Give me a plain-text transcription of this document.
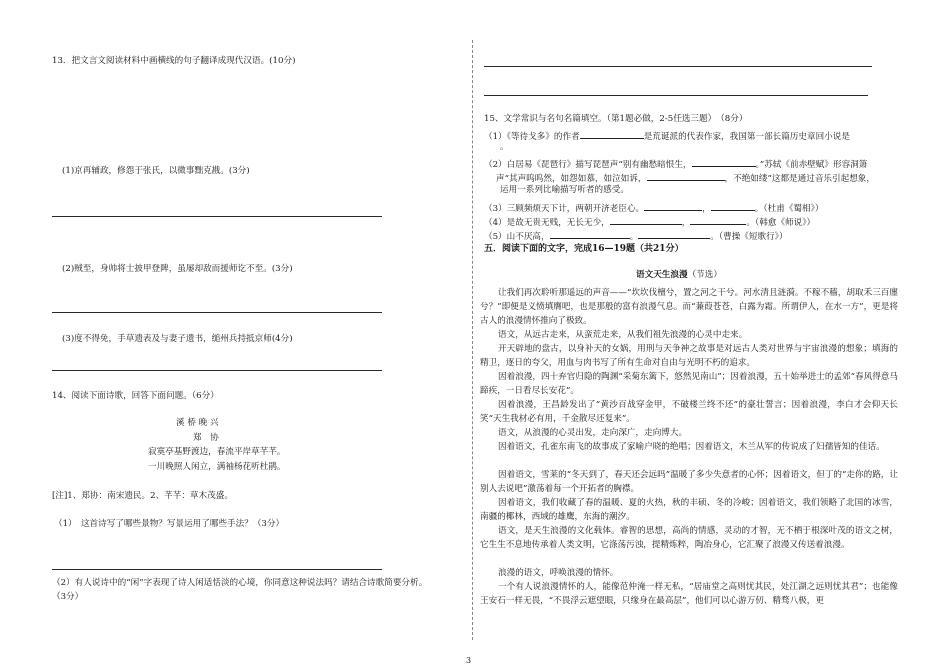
13．把文言文阅读材料中画横线的句子翻译成现代汉语。(10分)
(1)京再辅政，修怨于张氏，以微事黜克戡。(3分)
(2)贼至，身帅将士披甲登陴，虽屡却敌而援师讫不至。(3分)
(3)度不得免，手草遗表及与妻子遗书，缒州兵持抵京师(4分)
14、阅读下面诗歌，回答下面问题。（6分）
溪 桥 晚 兴
郑　协
寂寞亭基野渡边，春流平岸草芊芊。
一川晚照人闲立，满袖杨花听杜鹃。
[注]1、郑协：南宋遗民。2、芊芊：草木茂盛。
（1）　这首诗写了哪些景物？写景运用了哪些手法？（3分）
（2）有人说诗中的“闲”字表现了诗人闲适恬淡的心境，你同意这种说法吗？请结合诗歌简要分析。
（3分）
15、文学常识与名句名篇填空。（第1题必做，2-5任选三题）　（8分）
（1）《等待戈多》的作者	是荒诞派的代表作家，我国第一部长篇历史章回小说是
。
（2）白居易《琵琶行》描写琵琶声“别有幽愁暗恨生，	。”苏轼《前赤壁赋》形容洞箫
声“其声呜呜然，如怨如慕，如泣如诉，	，不绝如缕”这都是通过音乐引起想象，
运用一系列比喻描写听者的感受。
（3）三顾频烦天下计，两朝开济老臣心。	，	。（杜甫《蜀相》）
（4）是故无贵无贱，无长无少，	，	。（韩愈《师说》）
（5）山不厌高，	。	。（曹操《短歌行》）
五．阅读下面的文字，完成16—19题（共21分）
语文天生浪漫（节选）
让我们再次聆听那遥远的声音——“坎坎伐檀兮，置之河之干兮。河水清且涟漪。不稼不穑，胡取禾三百廛兮？”即便是义愤填膺吧，也是那般的富有浪漫气息。而“蒹葭苍苍，白露为霜。所谓伊人，在水一方”，更是将古人的浪漫情怀推向了极致。
语文，从远古走来，从蛮荒走来，从我们祖先浪漫的心灵中走来。
开天辟地的盘古，以身补天的女娲，用刑与天争神之故事是对远古人类对世界与宇宙浪漫的想象；填海的精卫，逐日的夸父，用血与肉书写了所有生命对自由与光明不朽的追求。
因着浪漫，四十弃官归隐的陶渊“采菊东篱下，悠然见南山”；因着浪漫，五十始举进士的孟郊“春风得意马蹄疾，一日看尽长安花”。
因着浪漫，王昌龄发出了“黄沙百战穿金甲，不破楼兰终不还”的豪壮誓言；因着浪漫，李白才会仰天长笑“天生我材必有用，千金散尽还复来”。
语文，从浪漫的心灵出发，走向深广，走向博大。
因着语文，孔雀东南飞的故事成了家喻户晓的绝唱；因着语文，木兰从军的传说成了妇孺皆知的佳话。
因着语文，雪莱的“冬天到了，春天还会远吗”温暖了多少失意者的心怀；因着语文，但丁的“走你的路，让别人去说吧”激荡着每一个开拓者的胸襟。
因着语文，我们收藏了春的温暖、夏的火热，秋的丰硕、冬的冷峻；因着语文，我们领略了北国的冰雪，南疆的椰林，西域的雄鹰，东海的潮汐。
语文，是天生浪漫的文化载体。睿智的思想，高尚的情感，灵动的才智，无不栖于根深叶茂的语文之树，它生生不息地传承着人类文明，它涤荡污浊，提精炼粹，陶冶身心，它汇聚了浪漫又传送着浪漫。
浪漫的语文，呼唤浪漫的情怀。
一个有人说浪漫情怀的人，能像范仲淹一样无私，“居庙堂之高则忧其民，处江湖之远则忧其君”；也能像王安石一样无畏，“不畏浮云遮望眼，只缘身在最高层”，他们可以心游万仞、精骛八极，更
3
